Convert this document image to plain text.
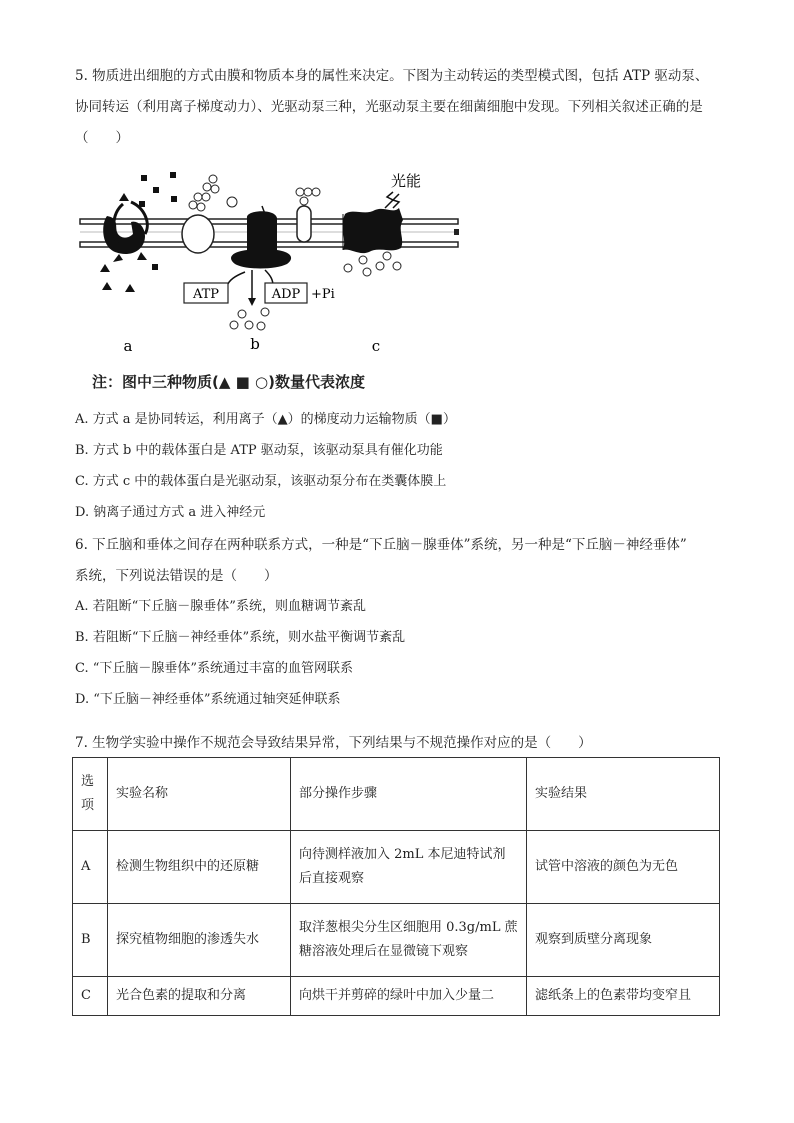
5. 物质进出细胞的方式由膜和物质本身的属性来决定。下图为主动转运的类型模式图，包括 ATP 驱动泵、
协同转运（利用离子梯度动力）、光驱动泵三种，光驱动泵主要在细菌细胞中发现。下列相关叙述正确的是
（　　）
ATP	ADP +Pi
光能
a	b	c
注：图中三种物质(▲ ■ ○)数量代表浓度
A. 方式 a 是协同转运，利用离子（▲）的梯度动力运输物质（■）
B. 方式 b 中的载体蛋白是 ATP 驱动泵，该驱动泵具有催化功能
C. 方式 c 中的载体蛋白是光驱动泵，该驱动泵分布在类囊体膜上
D. 钠离子通过方式 a 进入神经元
6. 下丘脑和垂体之间存在两种联系方式，一种是“下丘脑－腺垂体”系统，另一种是“下丘脑－神经垂体”
系统，下列说法错误的是（　　）
A. 若阻断“下丘脑－腺垂体”系统，则血糖调节紊乱
B. 若阻断“下丘脑－神经垂体”系统，则水盐平衡调节紊乱
C. “下丘脑－腺垂体”系统通过丰富的血管网联系
D. “下丘脑－神经垂体”系统通过轴突延伸联系
7. 生物学实验中操作不规范会导致结果异常，下列结果与不规范操作对应的是（　　）
选项	实验名称	部分操作步骤	实验结果
A	检测生物组织中的还原糖	向待测样液加入 2mL 本尼迪特试剂后直接观察	试管中溶液的颜色为无色
B	探究植物细胞的渗透失水	取洋葱根尖分生区细胞用 0.3g/mL 蔗糖溶液处理后在显微镜下观察	观察到质壁分离现象
C	光合色素的提取和分离	向烘干并剪碎的绿叶中加入少量二	滤纸条上的色素带均变窄且
